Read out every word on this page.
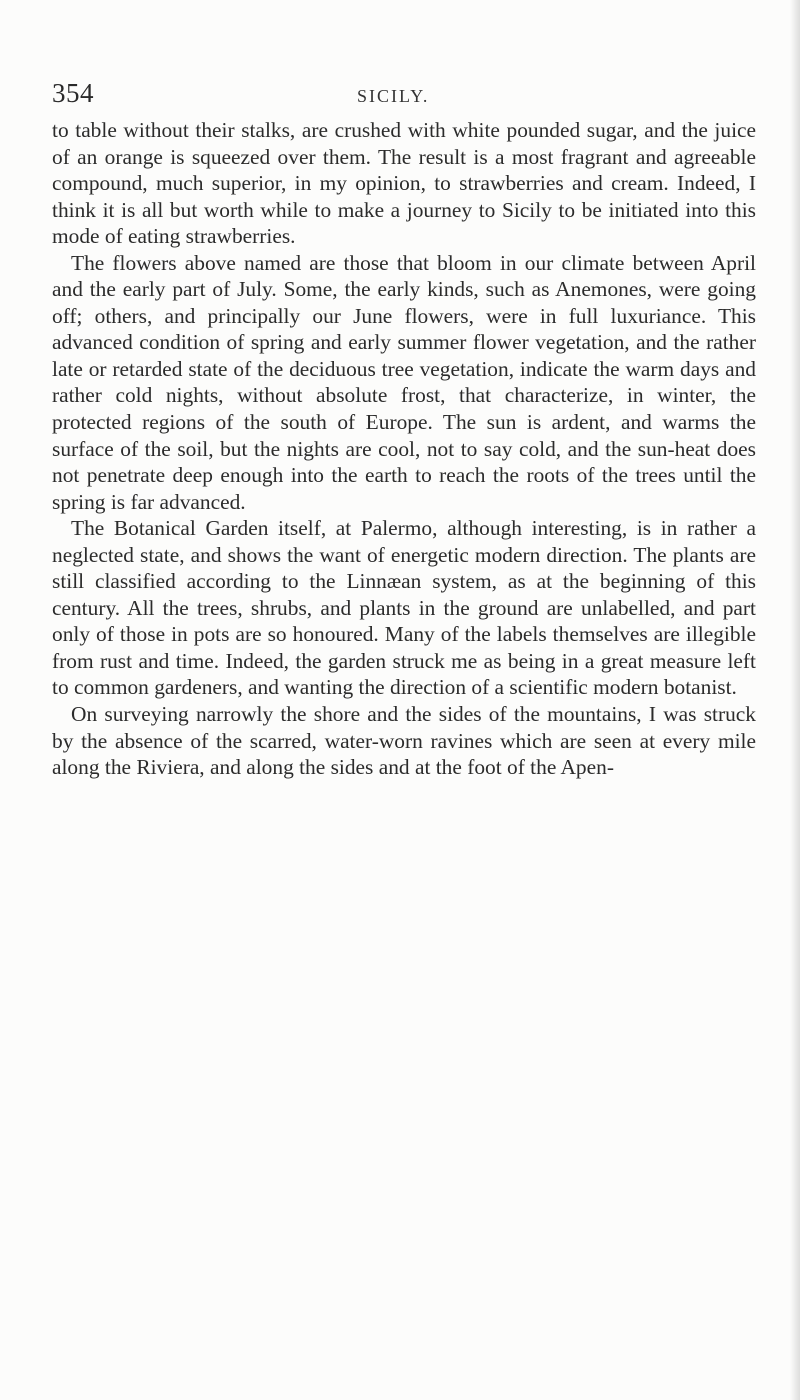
354	SICILY.

to table without their stalks, are crushed with white pounded sugar, and the juice of an orange is squeezed over them. The result is a most fragrant and agreeable compound, much superior, in my opinion, to strawberries and cream. Indeed, I think it is all but worth while to make a journey to Sicily to be initiated into this mode of eating strawberries.

The flowers above named are those that bloom in our climate between April and the early part of July. Some, the early kinds, such as Anemones, were going off; others, and principally our June flowers, were in full luxuriance. This advanced condition of spring and early summer flower vegetation, and the rather late or retarded state of the deciduous tree vegetation, indicate the warm days and rather cold nights, without absolute frost, that characterize, in winter, the protected regions of the south of Europe. The sun is ardent, and warms the surface of the soil, but the nights are cool, not to say cold, and the sun-heat does not penetrate deep enough into the earth to reach the roots of the trees until the spring is far advanced.

The Botanical Garden itself, at Palermo, although interesting, is in rather a neglected state, and shows the want of energetic modern direction. The plants are still classified according to the Linnæan system, as at the beginning of this century. All the trees, shrubs, and plants in the ground are unlabelled, and part only of those in pots are so honoured. Many of the labels themselves are illegible from rust and time. Indeed, the garden struck me as being in a great measure left to common gardeners, and wanting the direction of a scientific modern botanist.

On surveying narrowly the shore and the sides of the mountains, I was struck by the absence of the scarred, water-worn ravines which are seen at every mile along the Riviera, and along the sides and at the foot of the Apen-
